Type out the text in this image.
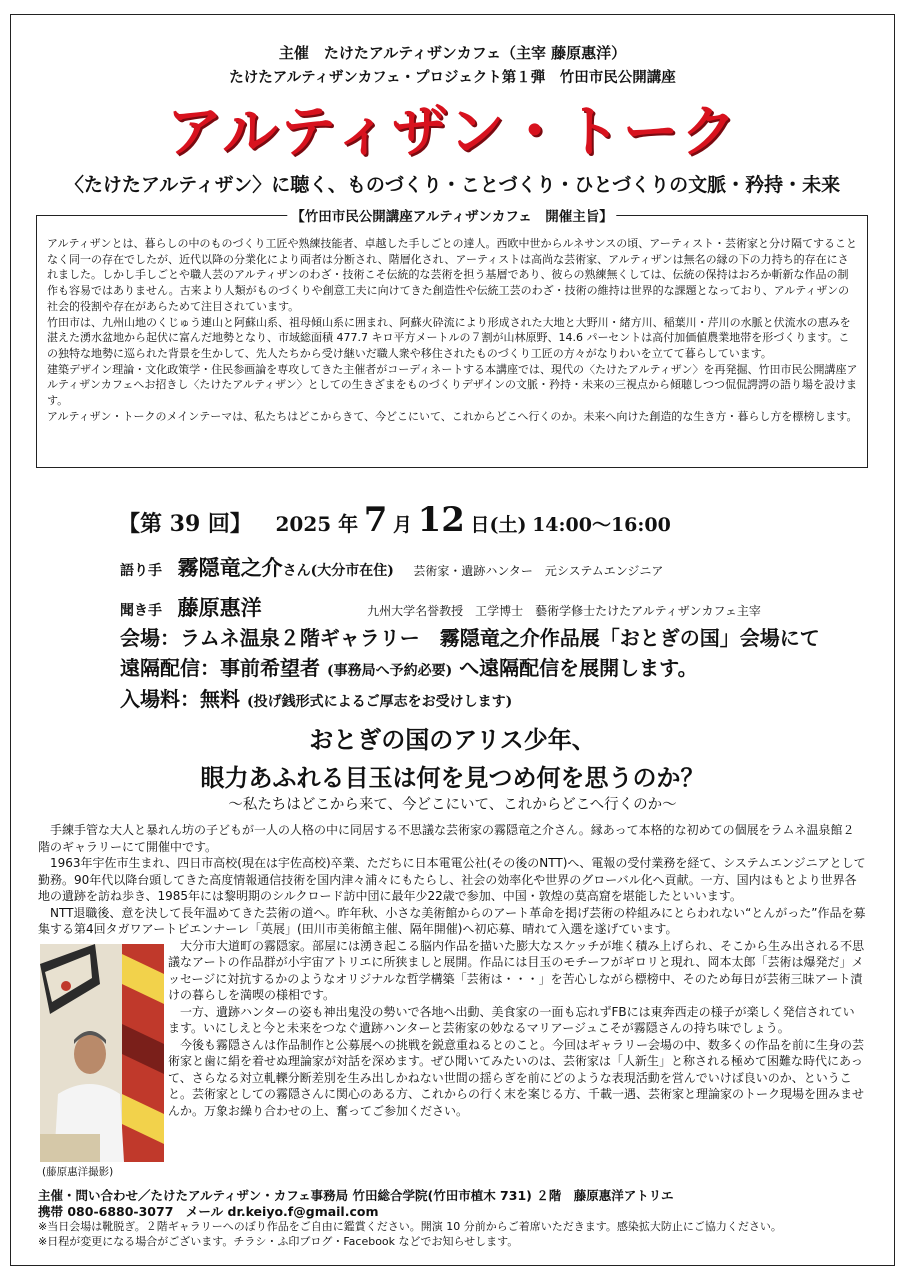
主催　たけたアルティザンカフェ（主宰 藤原惠洋）
たけたアルティザンカフェ・プロジェクト第１弾　竹田市民公開講座
アルティザン・トーク
〈たけたアルティザン〉に聴く、ものづくり・ことづくり・ひとづくりの文脈・矜持・未来
【竹田市民公開講座アルティザンカフェ　開催主旨】

アルティザンとは、暮らしの中のものづくり工匠や熟練技能者、卓越した手しごとの達人。西欧中世からルネサンスの頃、アーティスト・芸術家と分け隔てすることなく同一の存在でしたが、近代以降の分業化により両者は分断され、階層化され、アーティストは高尚な芸術家、アルティザンは無名の縁の下の力持ち的存在にされました。しかし手しごとや職人芸のアルティザンのわざ・技術こそ伝統的な芸術を担う基層であり、彼らの熟練無くしては、伝統の保持はおろか斬新な作品の制作も容易ではありません。古来より人類がものづくりや創意工夫に向けてきた創造性や伝統工芸のわざ・技術の維持は世界的な課題となっており、アルティザンの社会的役割や存在があらためて注目されています。

竹田市は、九州山地のくじゅう連山と阿蘇山系、祖母傾山系に囲まれ、阿蘇火砕流により形成された大地と大野川・緒方川、稲葉川・芹川の水脈と伏流水の恵みを湛えた湧水盆地から起伏に富んだ地勢となり、市域総面積 477.7 キロ平方メートルの７割が山林原野、14.6 パーセントは高付加価値農業地帯を形づくります。この独特な地勢に巡られた背景を生かして、先人たちから受け継いだ職人衆や移住されたものづくり工匠の方々がなりわいを立てて暮らしています。

建築デザイン理論・文化政策学・住民参画論を専攻してきた主催者がコーディネートする本講座では、現代の〈たけたアルティザン〉を再発掘、竹田市民公開講座アルティザンカフェへお招きし〈たけたアルティザン〉としての生きざまをものづくりデザインの文脈・矜持・未来の三視点から傾聴しつつ侃侃諤諤の語り場を設けます。

アルティザン・トークのメインテーマは、私たちはどこからきて、今どこにいて、これからどこへ行くのか。未来へ向けた創造的な生き方・暮らし方を標榜します。

【第 39 回】 2025 年 7 月 12 日(土) 14:00〜16:00
語り手 霧隠竜之介さん(大分市在住) 芸術家・遺跡ハンター　元システムエンジニア
聞き手 藤原惠洋	九州大学名誉教授　工学博士　藝術学修士たけたアルティザンカフェ主宰
会場：ラムネ温泉２階ギャラリー　霧隠竜之介作品展「おとぎの国」会場にて
遠隔配信：事前希望者 (事務局へ予約必要) へ遠隔配信を展開します。
入場料：無料 (投げ銭形式によるご厚志をお受けします)
おとぎの国のアリス少年、
眼力あふれる目玉は何を見つめ何を思うのか？
〜私たちはどこから来て、今どこにいて、これからどこへ行くのか〜

手練手管な大人と暴れん坊の子どもが一人の人格の中に同居する不思議な芸術家の霧隠竜之介さん。縁あって本格的な初めての個展をラムネ温泉館２階のギャラリーにて開催中です。

1963年宇佐市生まれ、四日市高校(現在は宇佐高校)卒業、ただちに日本電電公社(その後のNTT)へ、電報の受付業務を経て、システムエンジニアとして勤務。90年代以降台頭してきた高度情報通信技術を国内津々浦々にもたらし、社会の効率化や世界のグローバル化へ貢献。一方、国内はもとより世界各地の遺跡を訪ね歩き、1985年には黎明期のシルクロード訪中団に最年少22歳で参加、中国・敦煌の莫高窟を堪能したといいます。

NTT退職後、意を決して長年温めてきた芸術の道へ。昨年秋、小さな美術館からのアート革命を掲げ芸術の枠組みにとらわれない“とんがった”作品を募集する第4回タガワアートビエンナーレ「英展」(田川市美術館主催、隔年開催)へ初応募、晴れて入選を遂げています。

大分市大道町の霧隠家。部屋には湧き起こる脳内作品を描いた膨大なスケッチが堆く積み上げられ、そこから生み出される不思議なアートの作品群が小宇宙アトリエに所狭ましと展開。作品には目玉のモチーフがギロリと現れ、岡本太郎「芸術は爆発だ」メッセージに対抗するかのようなオリジナルな哲学構築「芸術は・・・」を苦心しながら標榜中、そのため毎日が芸術三昧アート漬けの暮らしを満喫の様相です。

一方、遺跡ハンターの姿も神出鬼没の勢いで各地へ出動、美食家の一面も忘れずFBには東奔西走の様子が楽しく発信されています。いにしえと今と未来をつなぐ遺跡ハンターと芸術家の妙なるマリアージュこそが霧隠さんの持ち味でしょう。

今後も霧隠さんは作品制作と公募展への挑戦を鋭意重ねるとのこと。今回はギャラリー会場の中、数多くの作品を前に生身の芸術家と歯に絹を着せぬ理論家が対話を深めます。ぜひ聞いてみたいのは、芸術家は「人新生」と称される極めて困難な時代にあって、さらなる対立軋轢分断差別を生み出しかねない世間の揺らぎを前にどのような表現活動を営んでいけば良いのか、ということ。芸術家としての霧隠さんに関心のある方、これからの行く末を案じる方、千載一遇、芸術家と理論家のトーク現場を囲みませんか。万象お繰り合わせの上、奮ってご参加ください。

(藤原惠洋撮影)
主催・問い合わせ／たけたアルティザン・カフェ事務局 竹田総合学院(竹田市植木 731) ２階　藤原惠洋アトリエ
携帯 080-6880-3077　メール dr.keiyo.f@gmail.com
※当日会場は靴脱ぎ。２階ギャラリーへのぼり作品をご自由に鑑賞ください。開演 10 分前からご着席いただきます。感染拡大防止にご協力ください。
※日程が変更になる場合がございます。チラシ・ふ印ブログ・Facebook などでお知らせします。
